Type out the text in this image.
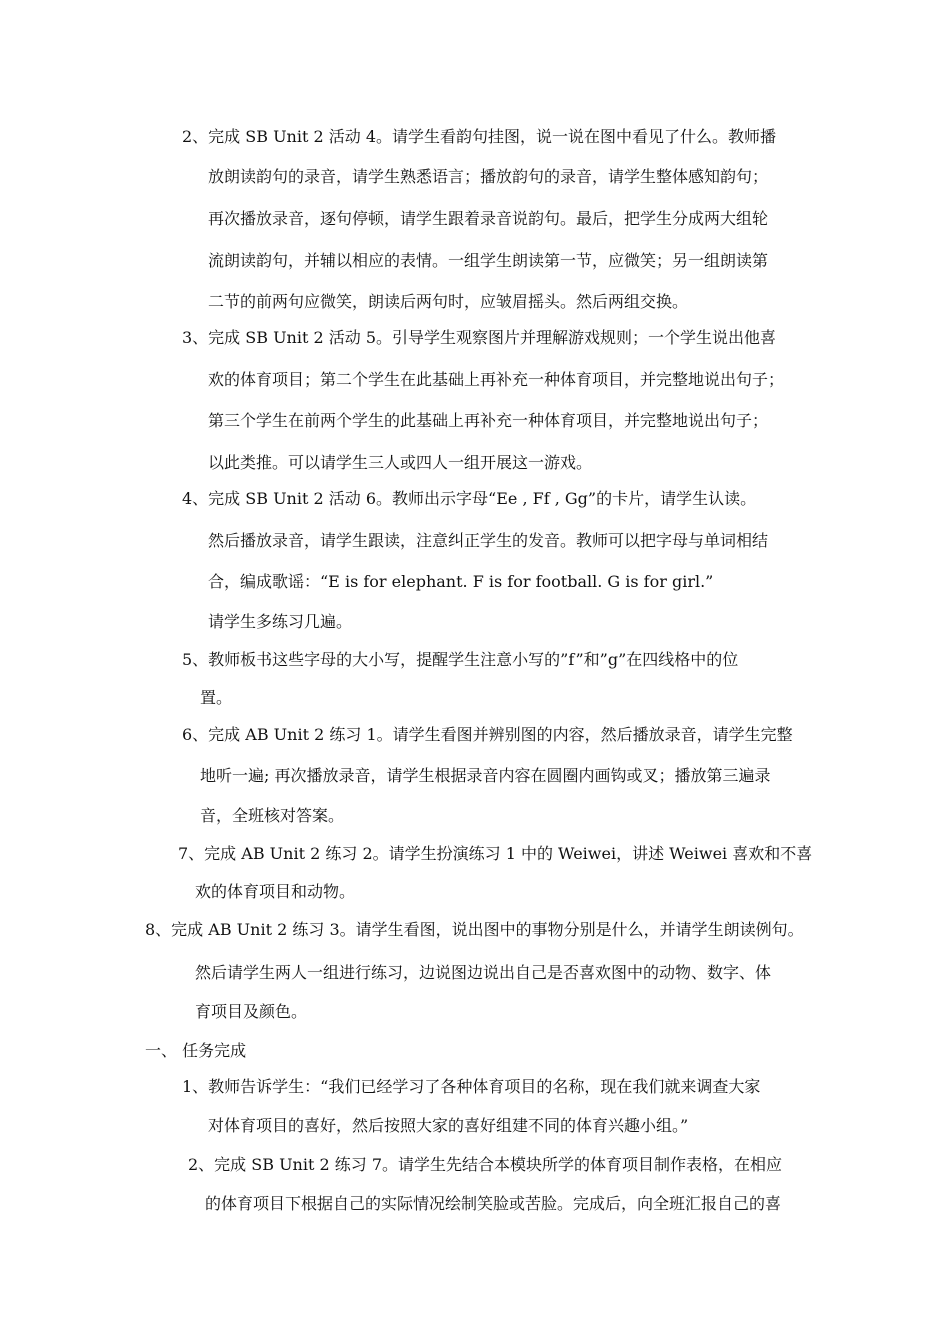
2、完成 SB Unit 2 活动 4。请学生看韵句挂图，说一说在图中看见了什么。教师播
放朗读韵句的录音，请学生熟悉语言；播放韵句的录音，请学生整体感知韵句；
再次播放录音，逐句停顿，请学生跟着录音说韵句。最后，把学生分成两大组轮
流朗读韵句，并辅以相应的表情。一组学生朗读第一节，应微笑；另一组朗读第
二节的前两句应微笑，朗读后两句时，应皱眉摇头。然后两组交换。
3、完成 SB Unit 2 活动 5。引导学生观察图片并理解游戏规则；一个学生说出他喜
欢的体育项目；第二个学生在此基础上再补充一种体育项目，并完整地说出句子；
第三个学生在前两个学生的此基础上再补充一种体育项目，并完整地说出句子；
以此类推。可以请学生三人或四人一组开展这一游戏。
4、完成 SB Unit 2 活动 6。教师出示字母“Ee , Ff , Gg”的卡片，请学生认读。
然后播放录音，请学生跟读，注意纠正学生的发音。教师可以把字母与单词相结
合，编成歌谣：“E is for elephant. F is for football. G is for girl.”
请学生多练习几遍。
5、教师板书这些字母的大小写，提醒学生注意小写的”f”和”g”在四线格中的位
置。
6、完成 AB Unit 2 练习 1。请学生看图并辨别图的内容，然后播放录音，请学生完整
地听一遍; 再次播放录音，请学生根据录音内容在圆圈内画钩或叉；播放第三遍录
音，全班核对答案。
7、完成 AB Unit 2 练习 2。请学生扮演练习 1 中的 Weiwei，讲述 Weiwei 喜欢和不喜
欢的体育项目和动物。
8、完成 AB Unit 2 练习 3。请学生看图，说出图中的事物分别是什么，并请学生朗读例句。
然后请学生两人一组进行练习，边说图边说出自己是否喜欢图中的动物、数字、体
育项目及颜色。
一、 任务完成
1、教师告诉学生：“我们已经学习了各种体育项目的名称，现在我们就来调查大家
对体育项目的喜好，然后按照大家的喜好组建不同的体育兴趣小组。”
2、完成 SB Unit 2 练习 7。请学生先结合本模块所学的体育项目制作表格，在相应
的体育项目下根据自己的实际情况绘制笑脸或苦脸。完成后，向全班汇报自己的喜
